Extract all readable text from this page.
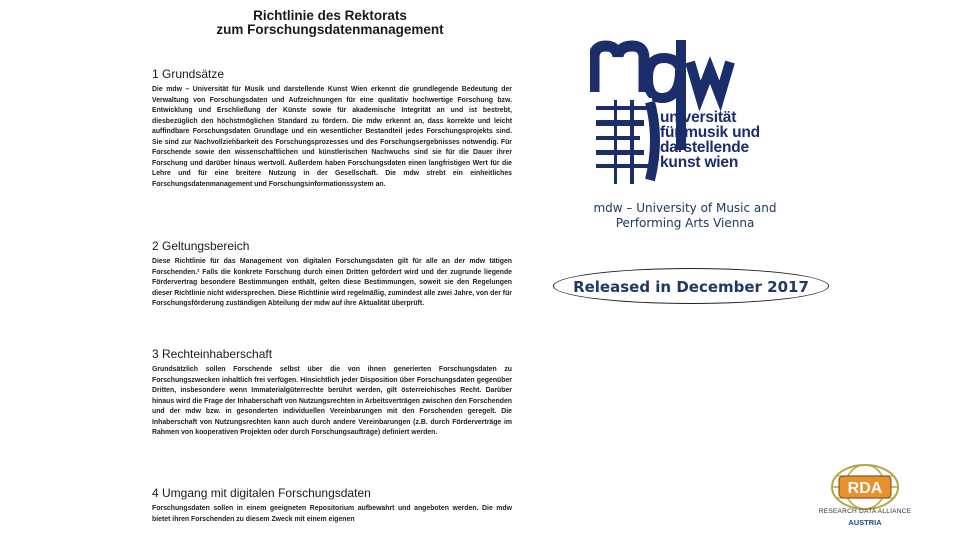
Richtlinie des Rektorats
zum Forschungsdatenmanagement
1 Grundsätze

Die mdw – Universität für Musik und darstellende Kunst Wien erkennt die grundlegende Bedeutung der Verwaltung von Forschungsdaten und Aufzeichnungen für eine qualitativ hochwertige Forschung bzw. Entwicklung und Erschließung der Künste sowie für akademische Integrität an und ist bestrebt, diesbezüglich den höchstmöglichen Standard zu fördern. Die mdw erkennt an, dass korrekte und leicht auffindbare Forschungsdaten Grundlage und ein wesentlicher Bestandteil jedes Forschungsprojekts sind. Sie sind zur Nachvollziehbarkeit des Forschungsprozesses und des Forschungsergebnisses notwendig. Für Forschende sowie den wissenschaftlichen und künstlerischen Nachwuchs sind sie für die Dauer ihrer Forschung und darüber hinaus wertvoll. Außerdem haben Forschungsdaten einen langfristigen Wert für die Lehre und für eine breitere Nutzung in der Gesellschaft. Die mdw strebt ein einheitliches Forschungsdatenmanagement und Forschungsinformationssystem an.

2 Geltungsbereich

Diese Richtlinie für das Management von digitalen Forschungsdaten gilt für alle an der mdw tätigen Forschenden.² Falls die konkrete Forschung durch einen Dritten gefördert wird und der zugrunde liegende Fördervertrag besondere Bestimmungen enthält, gelten diese Bestimmungen, soweit sie den Regelungen dieser Richtlinie nicht widersprechen. Diese Richtlinie wird regelmäßig, zumindest alle zwei Jahre, von der für Forschungsförderung zuständigen Abteilung der mdw auf ihre Aktualität überprüft.

3 Rechteinhaberschaft

Grundsätzlich sollen Forschende selbst über die von ihnen generierten Forschungsdaten zu Forschungszwecken inhaltlich frei verfügen. Hinsichtlich jeder Disposition über Forschungsdaten gegenüber Dritten, insbesondere wenn Immaterialgüterrechte berührt werden, gilt österreichisches Recht. Darüber hinaus wird die Frage der Inhaberschaft von Nutzungsrechten in Arbeitsverträgen zwischen den Forschenden und der mdw bzw. in gesonderten individuellen Vereinbarungen mit den Forschenden geregelt. Die Inhaberschaft von Nutzungsrechten kann auch durch andere Vereinbarungen (z.B. durch Förderverträge im Rahmen von kooperativen Projekten oder durch Forschungsaufträge) definiert werden.

4 Umgang mit digitalen Forschungsdaten

Forschungsdaten sollen in einem geeigneten Repositorium aufbewahrt und angeboten werden. Die mdw bietet ihren Forschenden zu diesem Zweck mit einem eigenen

universität
für musik und
darstellende
kunst wien
mdw – University of Music and
Performing Arts Vienna
Released in December 2017
RDA
RESEARCH DATA ALLIANCE
AUSTRIA
